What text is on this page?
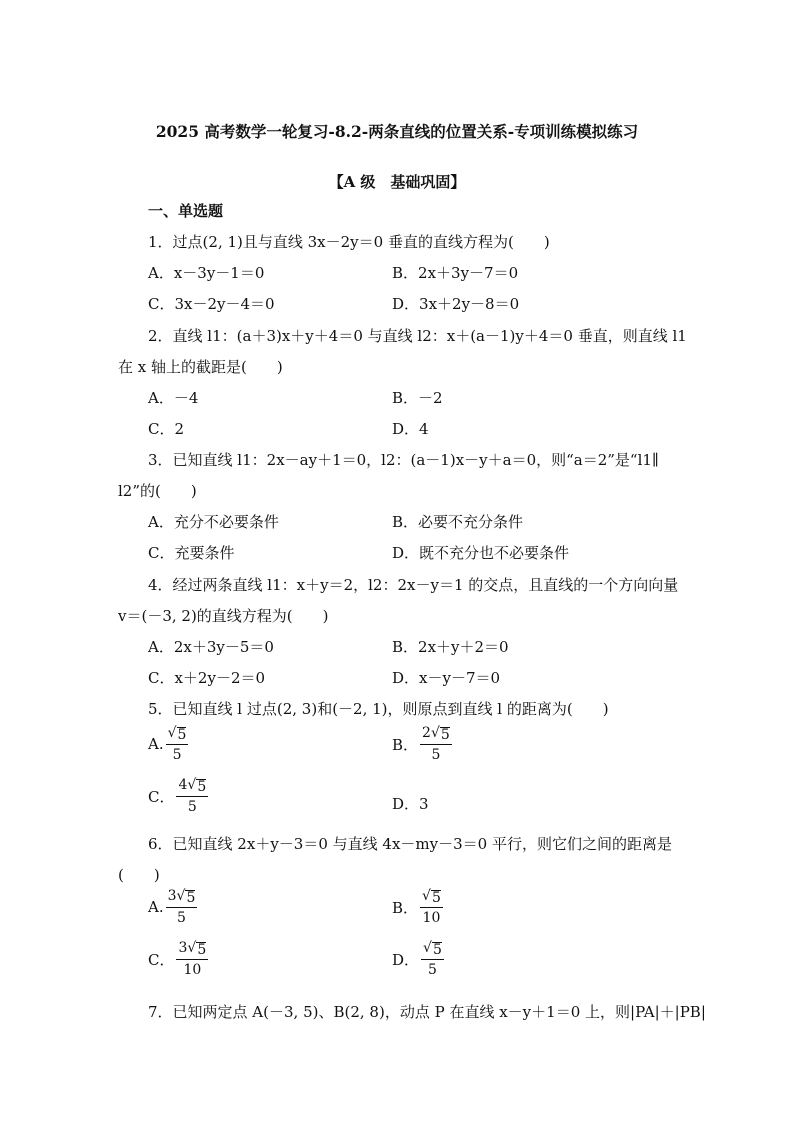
2025 高考数学一轮复习-8.2-两条直线的位置关系-专项训练模拟练习
【A 级　基础巩固】
一、单选题
1．过点(2, 1)且与直线 3x－2y＝0 垂直的直线方程为(　　)
A．x－3y－1＝0	B．2x＋3y－7＝0
C．3x－2y－4＝0	D．3x＋2y－8＝0
2．直线 l1：(a＋3)x＋y＋4＝0 与直线 l2：x＋(a－1)y＋4＝0 垂直，则直线 l1
在 x 轴上的截距是(　　)
A．－4	B．－2
C．2	D．4
3．已知直线 l1：2x－ay＋1＝0，l2：(a－1)x－y＋a＝0，则“a＝2”是“l1∥
l2”的(　　)
A．充分不必要条件	B．必要不充分条件
C．充要条件	D．既不充分也不必要条件
4．经过两条直线 l1：x＋y＝2，l2：2x－y＝1 的交点，且直线的一个方向向量
v＝(－3, 2)的直线方程为(　　)
A．2x＋3y－5＝0	B．2x＋y＋2＝0
C．x＋2y－2＝0	D．x－y－7＝0
5．已知直线 l 过点(2, 3)和(－2, 1)，则原点到直线 l 的距离为(　　)
A. $\frac{√ 5}{5}$	B． $\frac{2 √ 5}{5}$
C． $\frac{4 √ 5}{5}$	D．3
6．已知直线 2x＋y－3＝0 与直线 4x－my－3＝0 平行，则它们之间的距离是
(　　)
A. $\frac{3 √ 5}{5}$	B． $\frac{√ 5}{10}$
C． $\frac{3 √ 5}{10}$	D． $\frac{√ 5}{5}$
7．已知两定点 A(－3, 5)、B(2, 8)，动点 P 在直线 x－y＋1＝0 上，则|PA|＋|PB|
